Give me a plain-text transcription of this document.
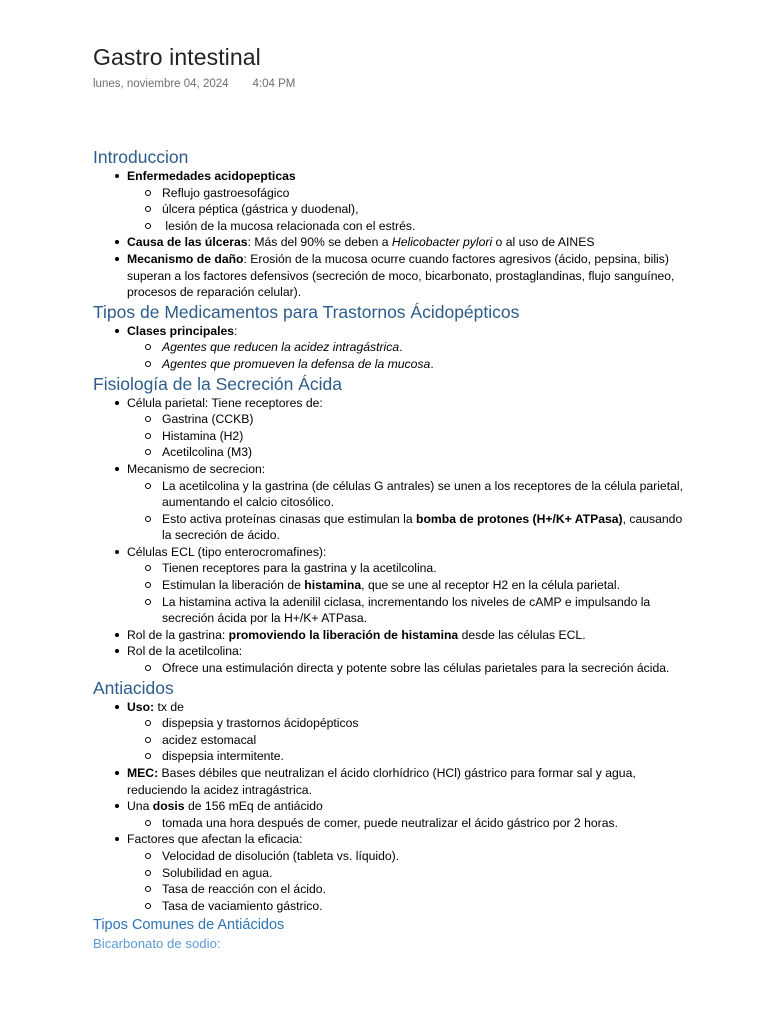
Gastro intestinal
lunes, noviembre 04, 2024 4:04 PM
Introduccion
Enfermedades acidopepticas
Reflujo gastroesofágico
úlcera péptica (gástrica y duodenal),
lesión de la mucosa relacionada con el estrés.
Causa de las úlceras: Más del 90% se deben a Helicobacter pylori o al uso de AINES
Mecanismo de daño: Erosión de la mucosa ocurre cuando factores agresivos (ácido, pepsina, bilis) superan a los factores defensivos (secreción de moco, bicarbonato, prostaglandinas, flujo sanguíneo, procesos de reparación celular).
Tipos de Medicamentos para Trastornos Ácidopépticos
Clases principales:
Agentes que reducen la acidez intragástrica.
Agentes que promueven la defensa de la mucosa.
Fisiología de la Secreción Ácida
Célula parietal: Tiene receptores de:
Gastrina (CCKB)
Histamina (H2)
Acetilcolina (M3)
Mecanismo de secrecion:
La acetilcolina y la gastrina (de células G antrales) se unen a los receptores de la célula parietal, aumentando el calcio citosólico.
Esto activa proteínas cinasas que estimulan la bomba de protones (H+/K+ ATPasa), causando la secreción de ácido.
Células ECL (tipo enterocromafines):
Tienen receptores para la gastrina y la acetilcolina.
Estimulan la liberación de histamina, que se une al receptor H2 en la célula parietal.
La histamina activa la adenilil ciclasa, incrementando los niveles de cAMP e impulsando la secreción ácida por la H+/K+ ATPasa.
Rol de la gastrina: promoviendo la liberación de histamina desde las células ECL.
Rol de la acetilcolina:
Ofrece una estimulación directa y potente sobre las células parietales para la secreción ácida.
Antiacidos
Uso: tx de
dispepsia y trastornos ácidopépticos
acidez estomacal
dispepsia intermitente.
MEC: Bases débiles que neutralizan el ácido clorhídrico (HCl) gástrico para formar sal y agua, reduciendo la acidez intragástrica.
Una dosis de 156 mEq de antiácido
tomada una hora después de comer, puede neutralizar el ácido gástrico por 2 horas.
Factores que afectan la eficacia:
Velocidad de disolución (tableta vs. líquido).
Solubilidad en agua.
Tasa de reacción con el ácido.
Tasa de vaciamiento gástrico.
Tipos Comunes de Antiácidos
Bicarbonato de sodio:
